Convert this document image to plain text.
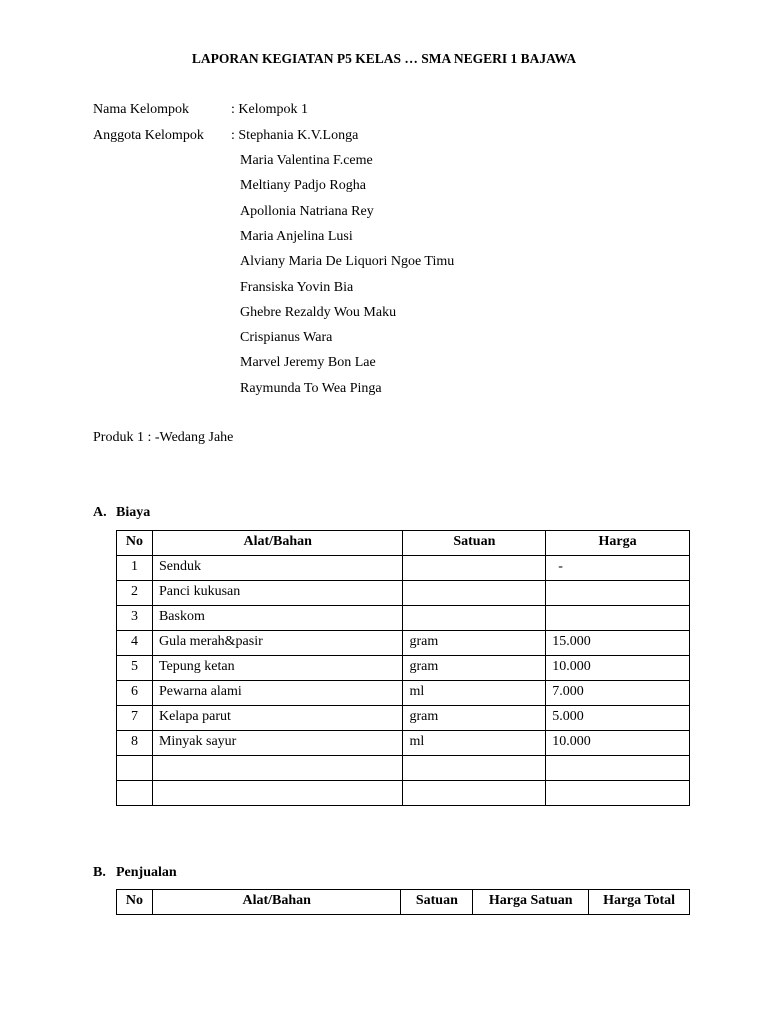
LAPORAN KEGIATAN P5 KELAS … SMA NEGERI 1 BAJAWA
Nama Kelompok	: Kelompok 1
Anggota Kelompok : Stephania K.V.Longa
Maria Valentina F.ceme
Meltiany Padjo Rogha
Apollonia Natriana Rey
Maria Anjelina Lusi
Alviany Maria De Liquori Ngoe Timu
Fransiska Yovin Bia
Ghebre Rezaldy Wou Maku
Crispianus Wara
Marvel Jeremy Bon Lae
Raymunda To Wea Pinga
Produk 1 : -Wedang Jahe
A. Biaya
No	Alat/Bahan	Satuan	Harga
1	Senduk		-
2	Panci kukusan		
3	Baskom		
4	Gula merah&pasir	gram	15.000
5	Tepung ketan	gram	10.000
6	Pewarna alami	ml	7.000
7	Kelapa parut	gram	5.000
8	Minyak sayur	ml	10.000

B. Penjualan
No	Alat/Bahan	Satuan	Harga Satuan	Harga Total
